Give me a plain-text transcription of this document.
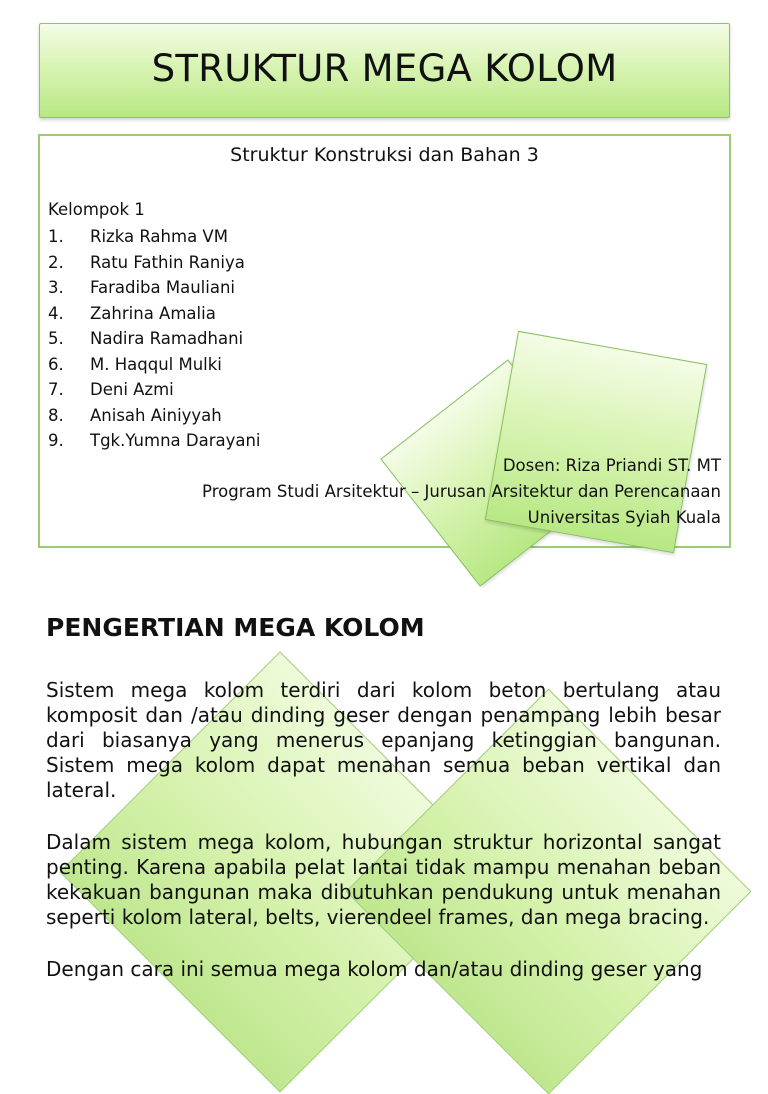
STRUKTUR MEGA KOLOM
Struktur Konstruksi dan Bahan 3
Kelompok 1
1. Rizka Rahma VM
2. Ratu Fathin Raniya
3. Faradiba Mauliani
4. Zahrina Amalia
5. Nadira Ramadhani
6. M. Haqqul Mulki
7. Deni Azmi
8. Anisah Ainiyyah
9. Tgk.Yumna Darayani
Dosen: Riza Priandi ST. MT
Program Studi Arsitektur – Jurusan Arsitektur dan Perencanaan
Universitas Syiah Kuala
PENGERTIAN MEGA KOLOM

Sistem mega kolom terdiri dari kolom beton bertulang atau komposit dan /atau dinding geser dengan penampang lebih besar dari biasanya yang menerus epanjang ketinggian bangunan. Sistem mega kolom dapat menahan semua beban vertikal dan lateral.

Dalam sistem mega kolom, hubungan struktur horizontal sangat penting. Karena apabila pelat lantai tidak mampu menahan beban kekakuan bangunan maka dibutuhkan pendukung untuk menahan seperti kolom lateral, belts, vierendeel frames, dan mega bracing.

Dengan cara ini semua mega kolom dan/atau dinding geser yang
